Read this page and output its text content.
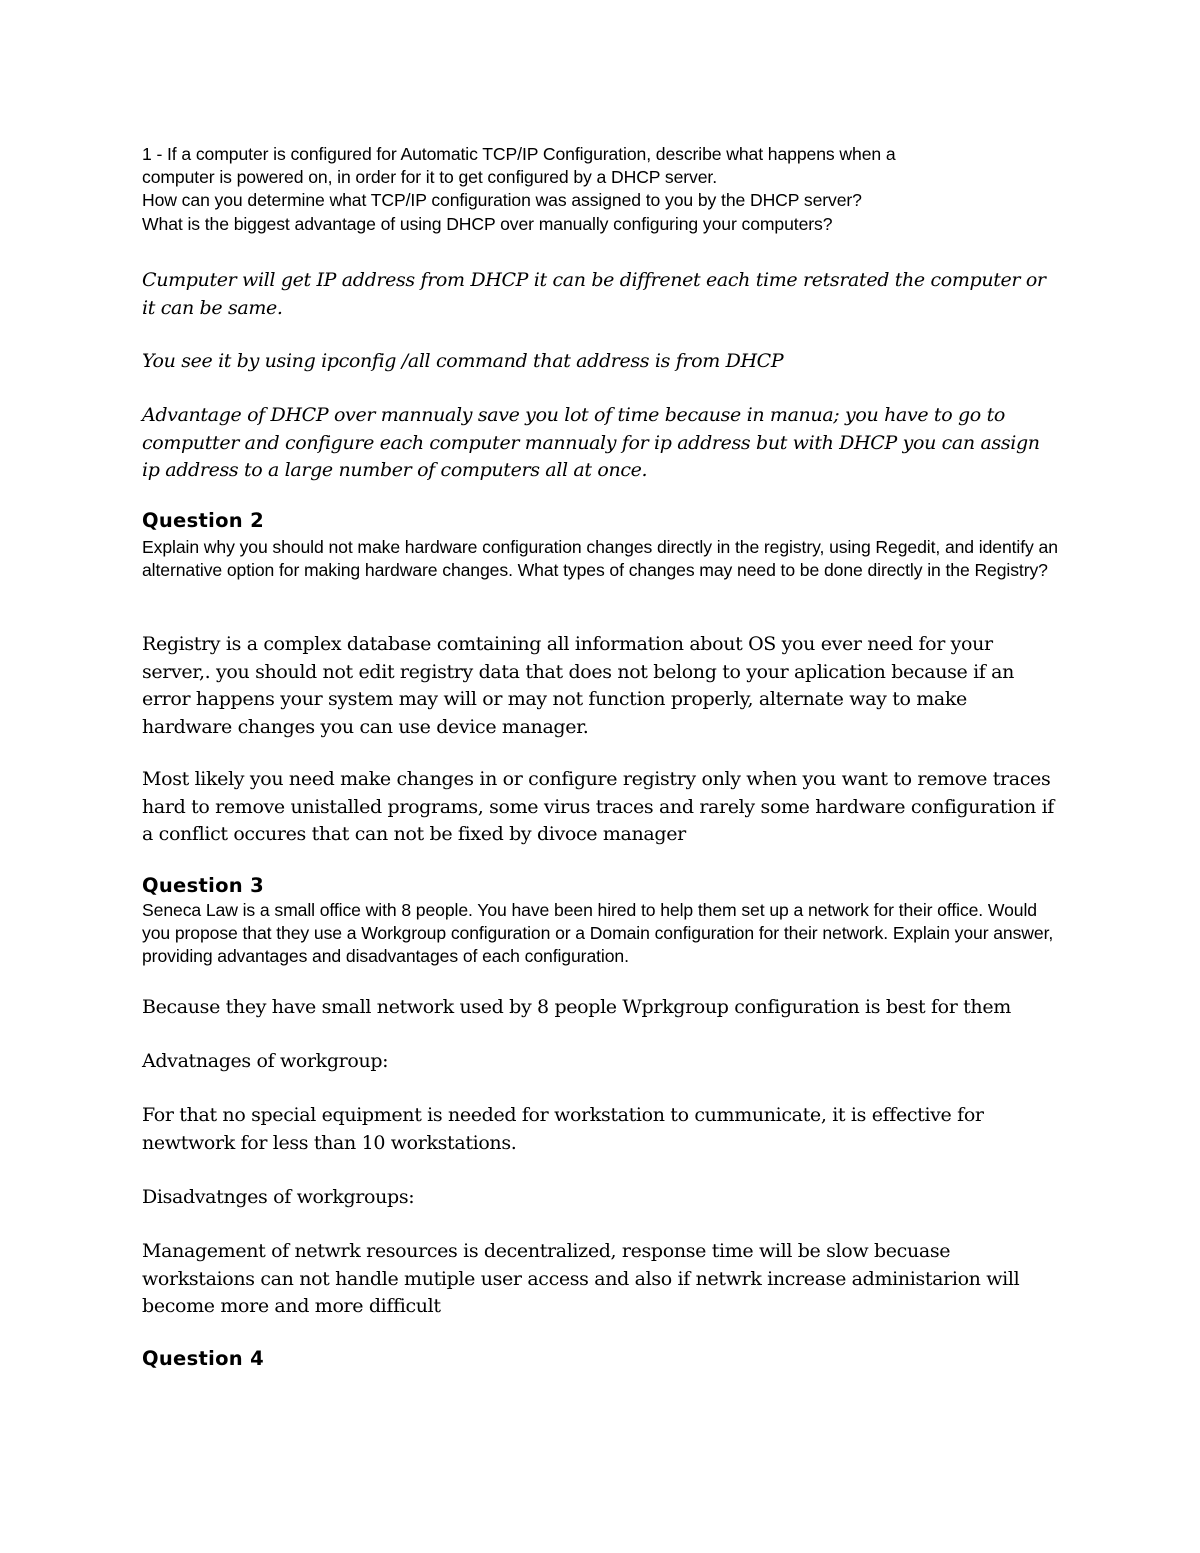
1 - If a computer is configured for Automatic TCP/IP Configuration, describe what happens when a

computer is powered on, in order for it to get configured by a DHCP server.

How can you determine what TCP/IP configuration was assigned to you by the DHCP server?

What is the biggest advantage of using DHCP over manually configuring your computers?

Cumputer will get IP address from DHCP it can be diffrenet each time retsrated the computer or it can be same.

You see it by using ipconfig /all command that address is from DHCP

Advantage of DHCP over mannualy save you lot of time because in manua; you have to go to computter and configure each computer mannualy for ip address but with DHCP you can assign ip address to a large number of computers all at once.

Question 2

Explain why you should not make hardware configuration changes directly in the registry, using Regedit, and identify an alternative option for making hardware changes. What types of changes may need to be done directly in the Registry?

Registry is a complex database comtaining all information about OS you ever need for your server,. you should not edit registry data that does not belong to your aplication because if an error happens your system may will or may not function properly, alternate way to make hardware changes you can use device manager.

Most likely you need make changes in or configure registry only when you want to remove traces hard to remove unistalled programs, some virus traces and rarely some hardware configuration if a conflict occures that can not be fixed by divoce manager

Question 3

Seneca Law is a small office with 8 people. You have been hired to help them set up a network for their office. Would you propose that they use a Workgroup configuration or a Domain configuration for their network. Explain your answer, providing advantages and disadvantages of each configuration.

Because they have small network used by 8 people Wprkgroup configuration is best for them

Advatnages of workgroup:

For that no special equipment is needed for workstation to cummunicate, it is effective for newtwork for less than 10 workstations.

Disadvatnges of workgroups:

Management of netwrk resources is decentralized, response time will be slow becuase workstaions can not handle mutiple user access and also if netwrk increase administarion will become more and more difficult

Question 4
